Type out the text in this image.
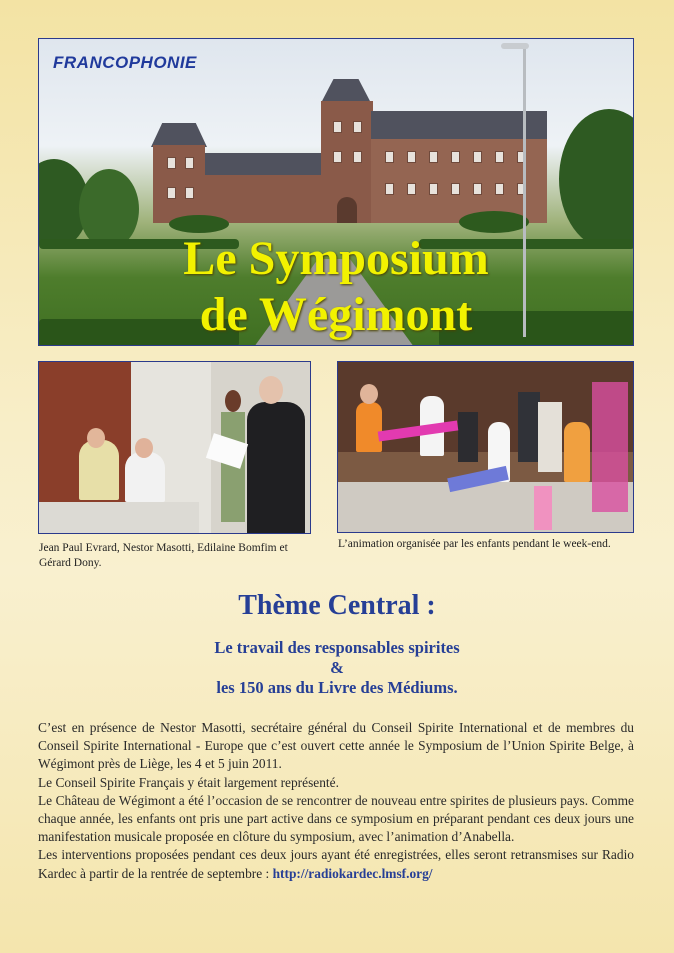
FRANCOPHONIE
Le Symposium
de Wégimont

Jean Paul Evrard, Nestor Masotti, Edilaine Bomfim et Gérard Dony.

L’animation organisée par les enfants pendant le week-end.

Thème Central :
Le travail des responsables spirites
&
les 150 ans du Livre des Médiums.

C’est en présence de Nestor Masotti, secrétaire général du Conseil Spirite International et de membres du Conseil Spirite International - Europe que c’est ouvert cette année le Symposium de l’Union Spirite Belge, à Wégimont près de Liège, les 4 et 5 juin 2011.

Le Conseil Spirite Français y était largement représenté.

Le Château de Wégimont a été l’occasion de se rencontrer de nouveau entre spirites de plusieurs pays. Comme chaque année, les enfants ont pris une part active dans ce symposium en préparant pendant ces deux jours une manifestation musicale proposée en clôture du symposium, avec l’animation d’Anabella.

Les interventions proposées pendant ces deux jours ayant été enregistrées, elles seront retransmises sur Radio Kardec à partir de la rentrée de septembre : http://radiokardec.lmsf.org/
